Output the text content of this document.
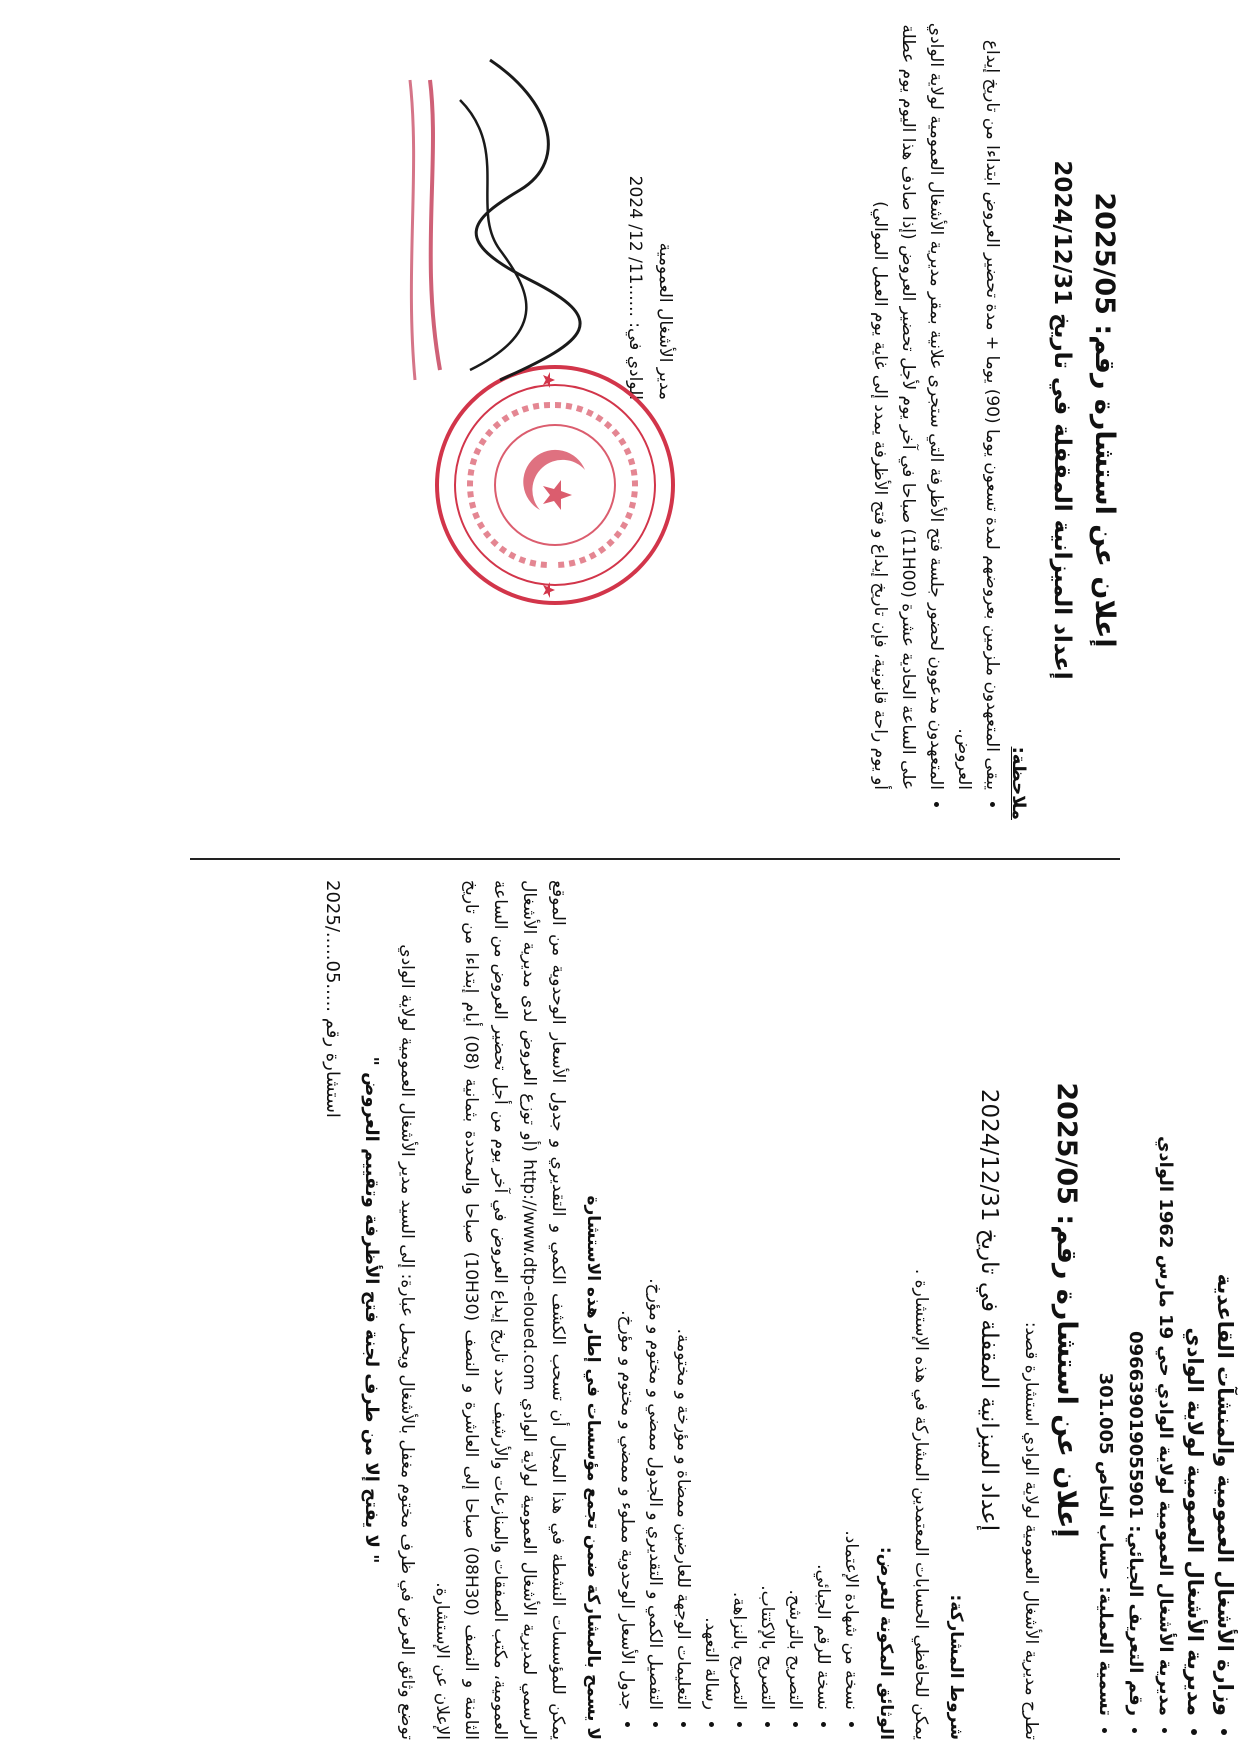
• وزارة الأشغال العمومية والمنشآت القاعدية
• مديرية الأشغال العمومية لولاية الوادي
• مديرية الأشغال العمومية لولاية الوادي حي 19 مارس 1962 الوادي
• رقم التعريف الجبائي: 096639019055901
• تسمية العملية: حساب الخاص 301.005
إعلان عن استشارة رقم: 2025/05
تطرح مديرية الأشغال العمومية لولاية الوادي استشارة قصد:
إعداد الميزانية المقفلة في تاريخ 2024/12/31
شروط المشاركة:
يمكن للحافظي الحسابات المعتمدين المشاركة في هذه الإستشارة .
الوثائق المكونة للعرض:
• نسخة من شهادة الإعتماد.
• نسخة للرقم الجبائي.
• التصريح بالترشح.
• التصريح بالإكتتاب.
• التصريح بالنزاهة.
• رسالة التعهد.
• التعليمات الوجهة للعارضين ممضاة و مؤرخة و مختومة.
• التفصيل الكمي و التقديري و الجدول ممضي و مختوم و مؤرخ.
• جدول الأسعار الوحدوية مملوء و ممضي و مختوم و مؤرخ.
لا يسمح بالمشاركة ضمن تجمع مؤسسات في إطار هذه الاستشارة
يمكن للمؤسسات النشطة في هذا المجال أن تسحب الكشف الكمي و التقديري و جدول الأسعار الوحدوية من الموقع الرسمي لمديرية الأشغال العمومية لولاية الوادي http://www.dtp-eloued.com (أو توزع العروض لدى مديرية الأشغال العمومية، مكتب الصفقات والمنازعات والأرشيف حدد تاريخ إيداع العروض في آخر يوم من أجل تحضير العروض من الساعة الثامنة و النصف (08H30) صباحا إلى العاشرة و النصف (10H30) صباحا والمحددة بثمانية (08) أيام إبتداءا من تاريخ الإعلان عن الإستشارة.
توضع وثائق العرض في ظرف مختوم مغفل بالأشغال ويحمل عبارة: إلى السيد مدير الأشغال العمومية لولاية الوادي
" لا يفتح إلا من طرف لجنة فتح الأظرفة وتقييم العروض "
استشارة رقم .....05...../2025
إعلان عن استشارة رقم: 2025/05
إعداد الميزانية المقفلة في تاريخ 2024/12/31
ملاحظة:
• يبقى المتعهدون ملزمين بعروضهم لمدة تسعون يوما (90) يوما + مدة تحضير العروض ابتداءا من تاريخ إيداع العروض.
• المتعهدون مدعوون لحضور جلسة فتح الأظرفة التي ستجرى علانية بمقر مديرية الأشغال العمومية لولاية الوادي على الساعة الحادية عشرة (11H00) صباحا في آخر يوم لأجل تحضير العروض (إذا صادف هذا اليوم يوم عطلة أو يوم راحة قانونية، فإن تاريخ إيداع و فتح الأظرفة يمدد إلى غاية يوم العمل الموالي)
مدير الأشغال العمومية
الوادي في: ......11/ 12/ 2024
